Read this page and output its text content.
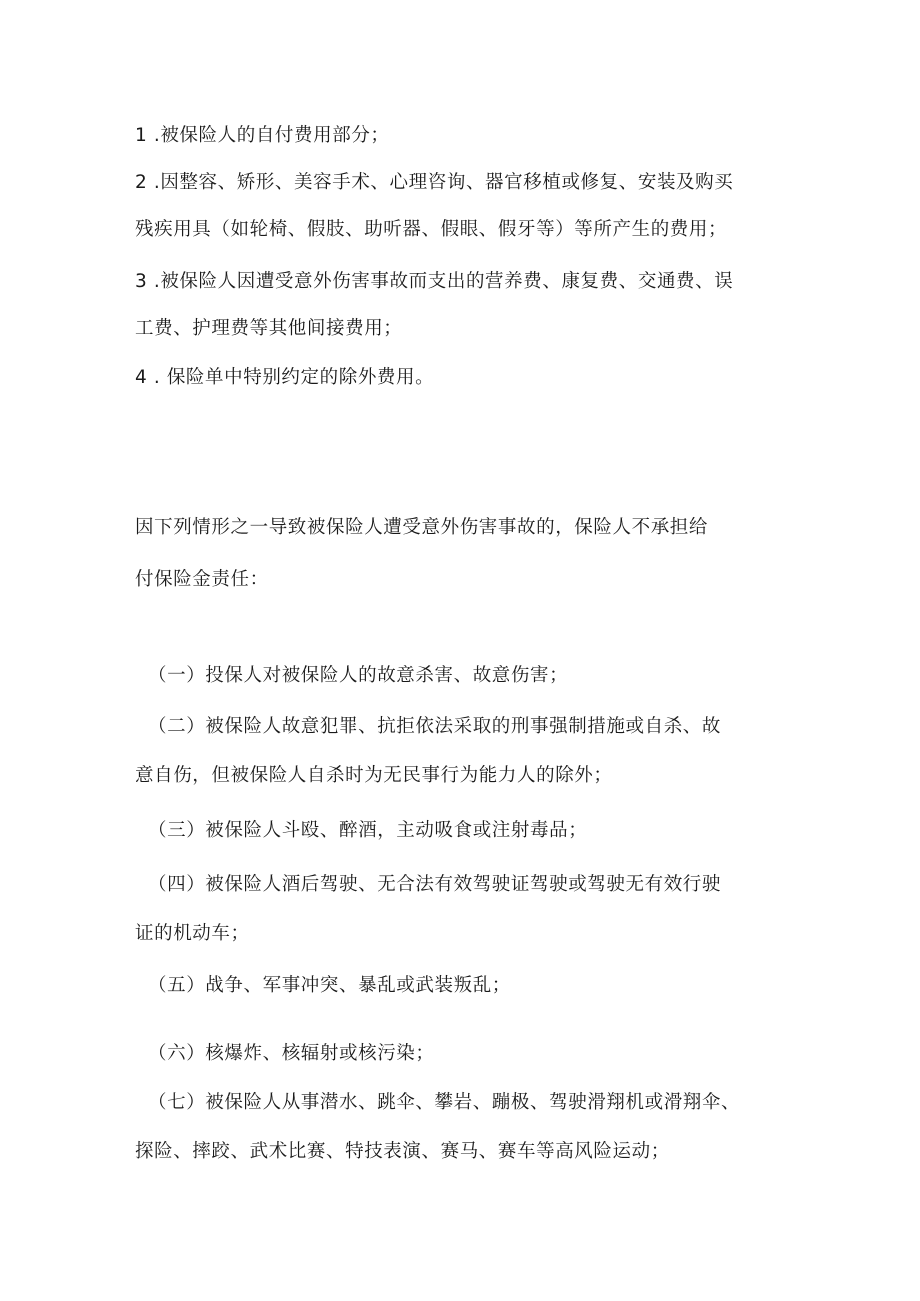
1 .被保险人的自付费用部分；
2 .因整容、矫形、美容手术、心理咨询、器官移植或修复、安装及购买
残疾用具（如轮椅、假肢、助听器、假眼、假牙等）等所产生的费用；
3 .被保险人因遭受意外伤害事故而支出的营养费、康复费、交通费、误
工费、护理费等其他间接费用；
4 . 保险单中特别约定的除外费用。
因下列情形之一导致被保险人遭受意外伤害事故的，保险人不承担给
付保险金责任：
（一）投保人对被保险人的故意杀害、故意伤害；
（二）被保险人故意犯罪、抗拒依法采取的刑事强制措施或自杀、故
意自伤，但被保险人自杀时为无民事行为能力人的除外；
（三）被保险人斗殴、醉酒，主动吸食或注射毒品；
（四）被保险人酒后驾驶、无合法有效驾驶证驾驶或驾驶无有效行驶
证的机动车；
（五）战争、军事冲突、暴乱或武装叛乱；
（六）核爆炸、核辐射或核污染；
（七）被保险人从事潜水、跳伞、攀岩、蹦极、驾驶滑翔机或滑翔伞、
探险、摔跤、武术比赛、特技表演、赛马、赛车等高风险运动；
